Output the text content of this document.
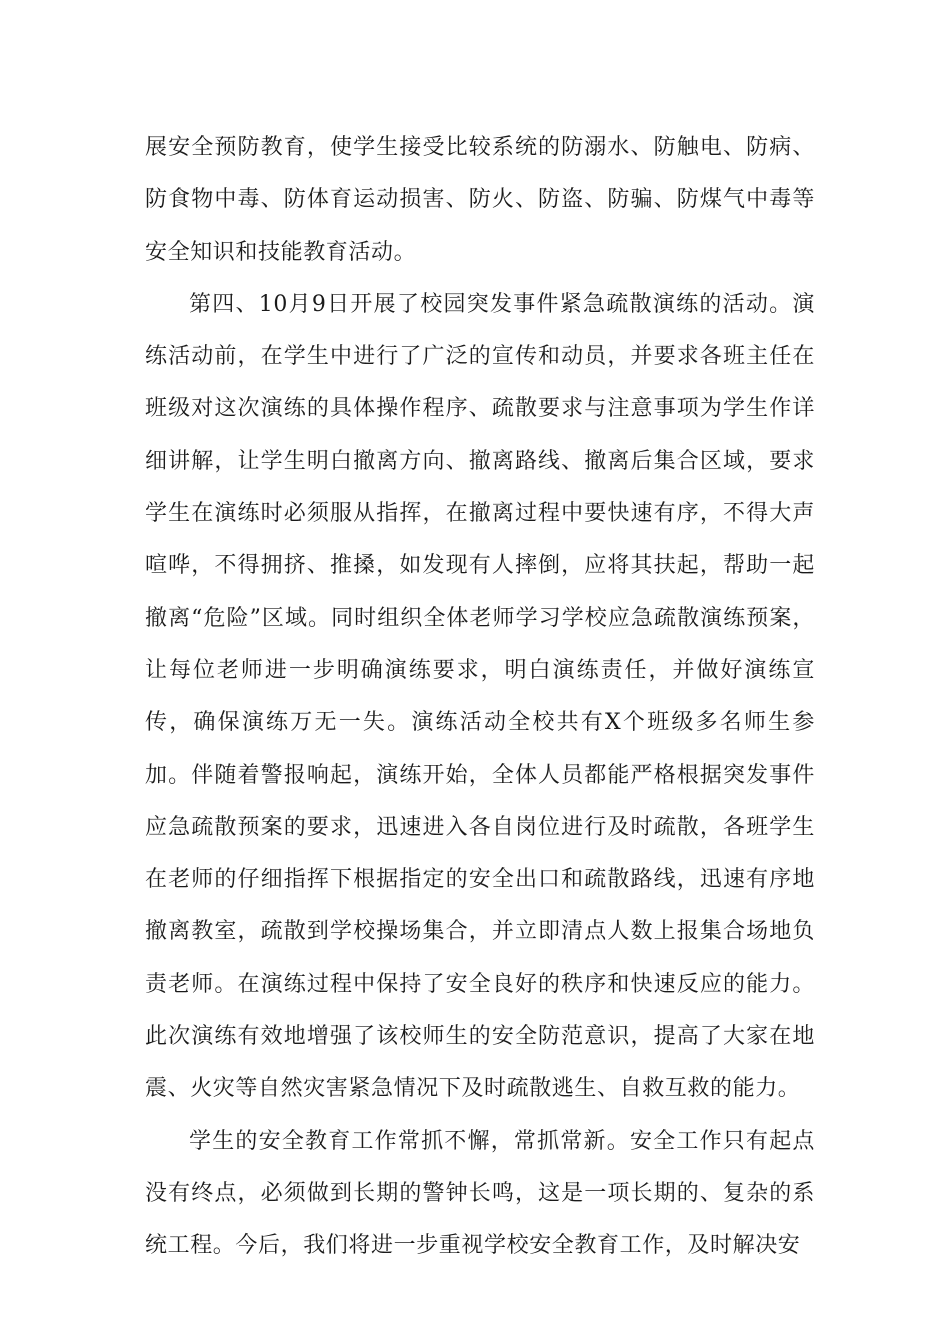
展安全预防教育，使学生接受比较系统的防溺水、防触电、防病、防食物中毒、防体育运动损害、防火、防盗、防骗、防煤气中毒等安全知识和技能教育活动。

第四、10月9日开展了校园突发事件紧急疏散演练的活动。演练活动前，在学生中进行了广泛的宣传和动员，并要求各班主任在班级对这次演练的具体操作程序、疏散要求与注意事项为学生作详细讲解，让学生明白撤离方向、撤离路线、撤离后集合区域，要求学生在演练时必须服从指挥，在撤离过程中要快速有序，不得大声喧哗，不得拥挤、推搡，如发现有人摔倒，应将其扶起，帮助一起撤离“危险”区域。同时组织全体老师学习学校应急疏散演练预案，让每位老师进一步明确演练要求，明白演练责任，并做好演练宣传，确保演练万无一失。演练活动全校共有X个班级多名师生参加。伴随着警报响起，演练开始，全体人员都能严格根据突发事件应急疏散预案的要求，迅速进入各自岗位进行及时疏散，各班学生在老师的仔细指挥下根据指定的安全出口和疏散路线，迅速有序地撤离教室，疏散到学校操场集合，并立即清点人数上报集合场地负责老师。在演练过程中保持了安全良好的秩序和快速反应的能力。此次演练有效地增强了该校师生的安全防范意识，提高了大家在地震、火灾等自然灾害紧急情况下及时疏散逃生、自救互救的能力。

学生的安全教育工作常抓不懈，常抓常新。安全工作只有起点没有终点，必须做到长期的警钟长鸣，这是一项长期的、复杂的系统工程。今后，我们将进一步重视学校安全教育工作，及时解决安
